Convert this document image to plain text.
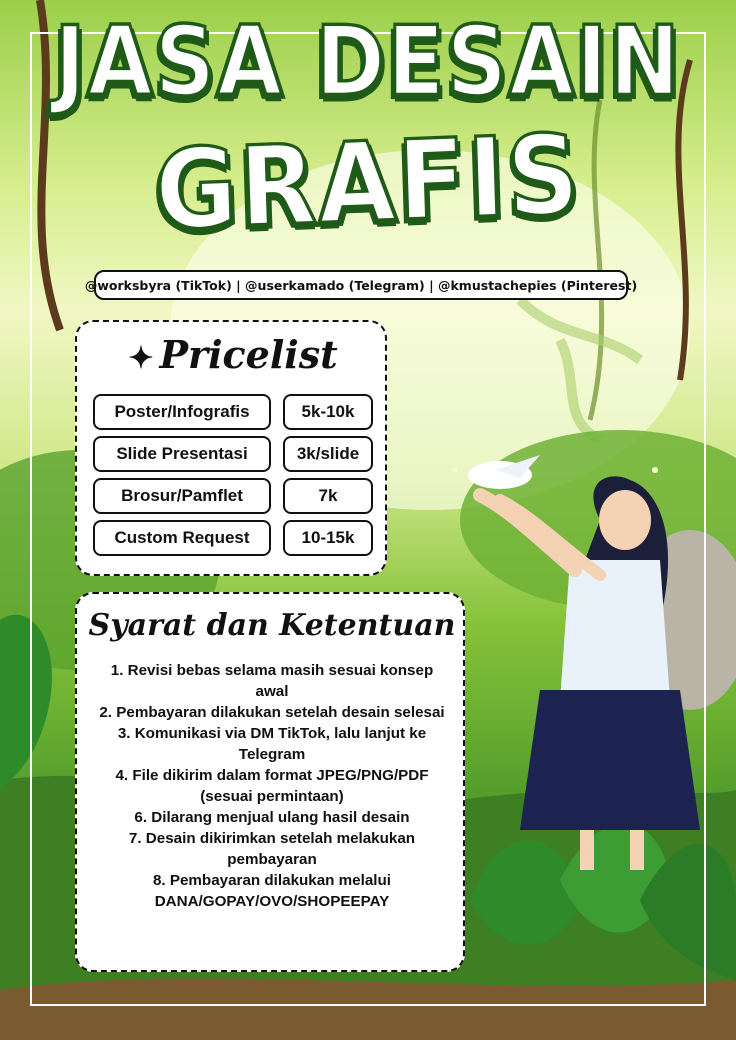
JASA DESAIN
GRAFIS
@worksbyra (TikTok) | @userkamado (Telegram) | @kmustachepies (Pinterest)
✦ Pricelist
Poster/Infografis	5k-10k
Slide Presentasi	3k/slide
Brosur/Pamflet	7k
Custom Request	10-15k
Syarat dan Ketentuan
1. Revisi bebas selama masih sesuai konsep awal
2. Pembayaran dilakukan setelah desain selesai
3. Komunikasi via DM TikTok, lalu lanjut ke Telegram
4. File dikirim dalam format JPEG/PNG/PDF (sesuai permintaan)
6. Dilarang menjual ulang hasil desain
7. Desain dikirimkan setelah melakukan pembayaran
8. Pembayaran dilakukan melalui DANA/GOPAY/OVO/SHOPEEPAY
